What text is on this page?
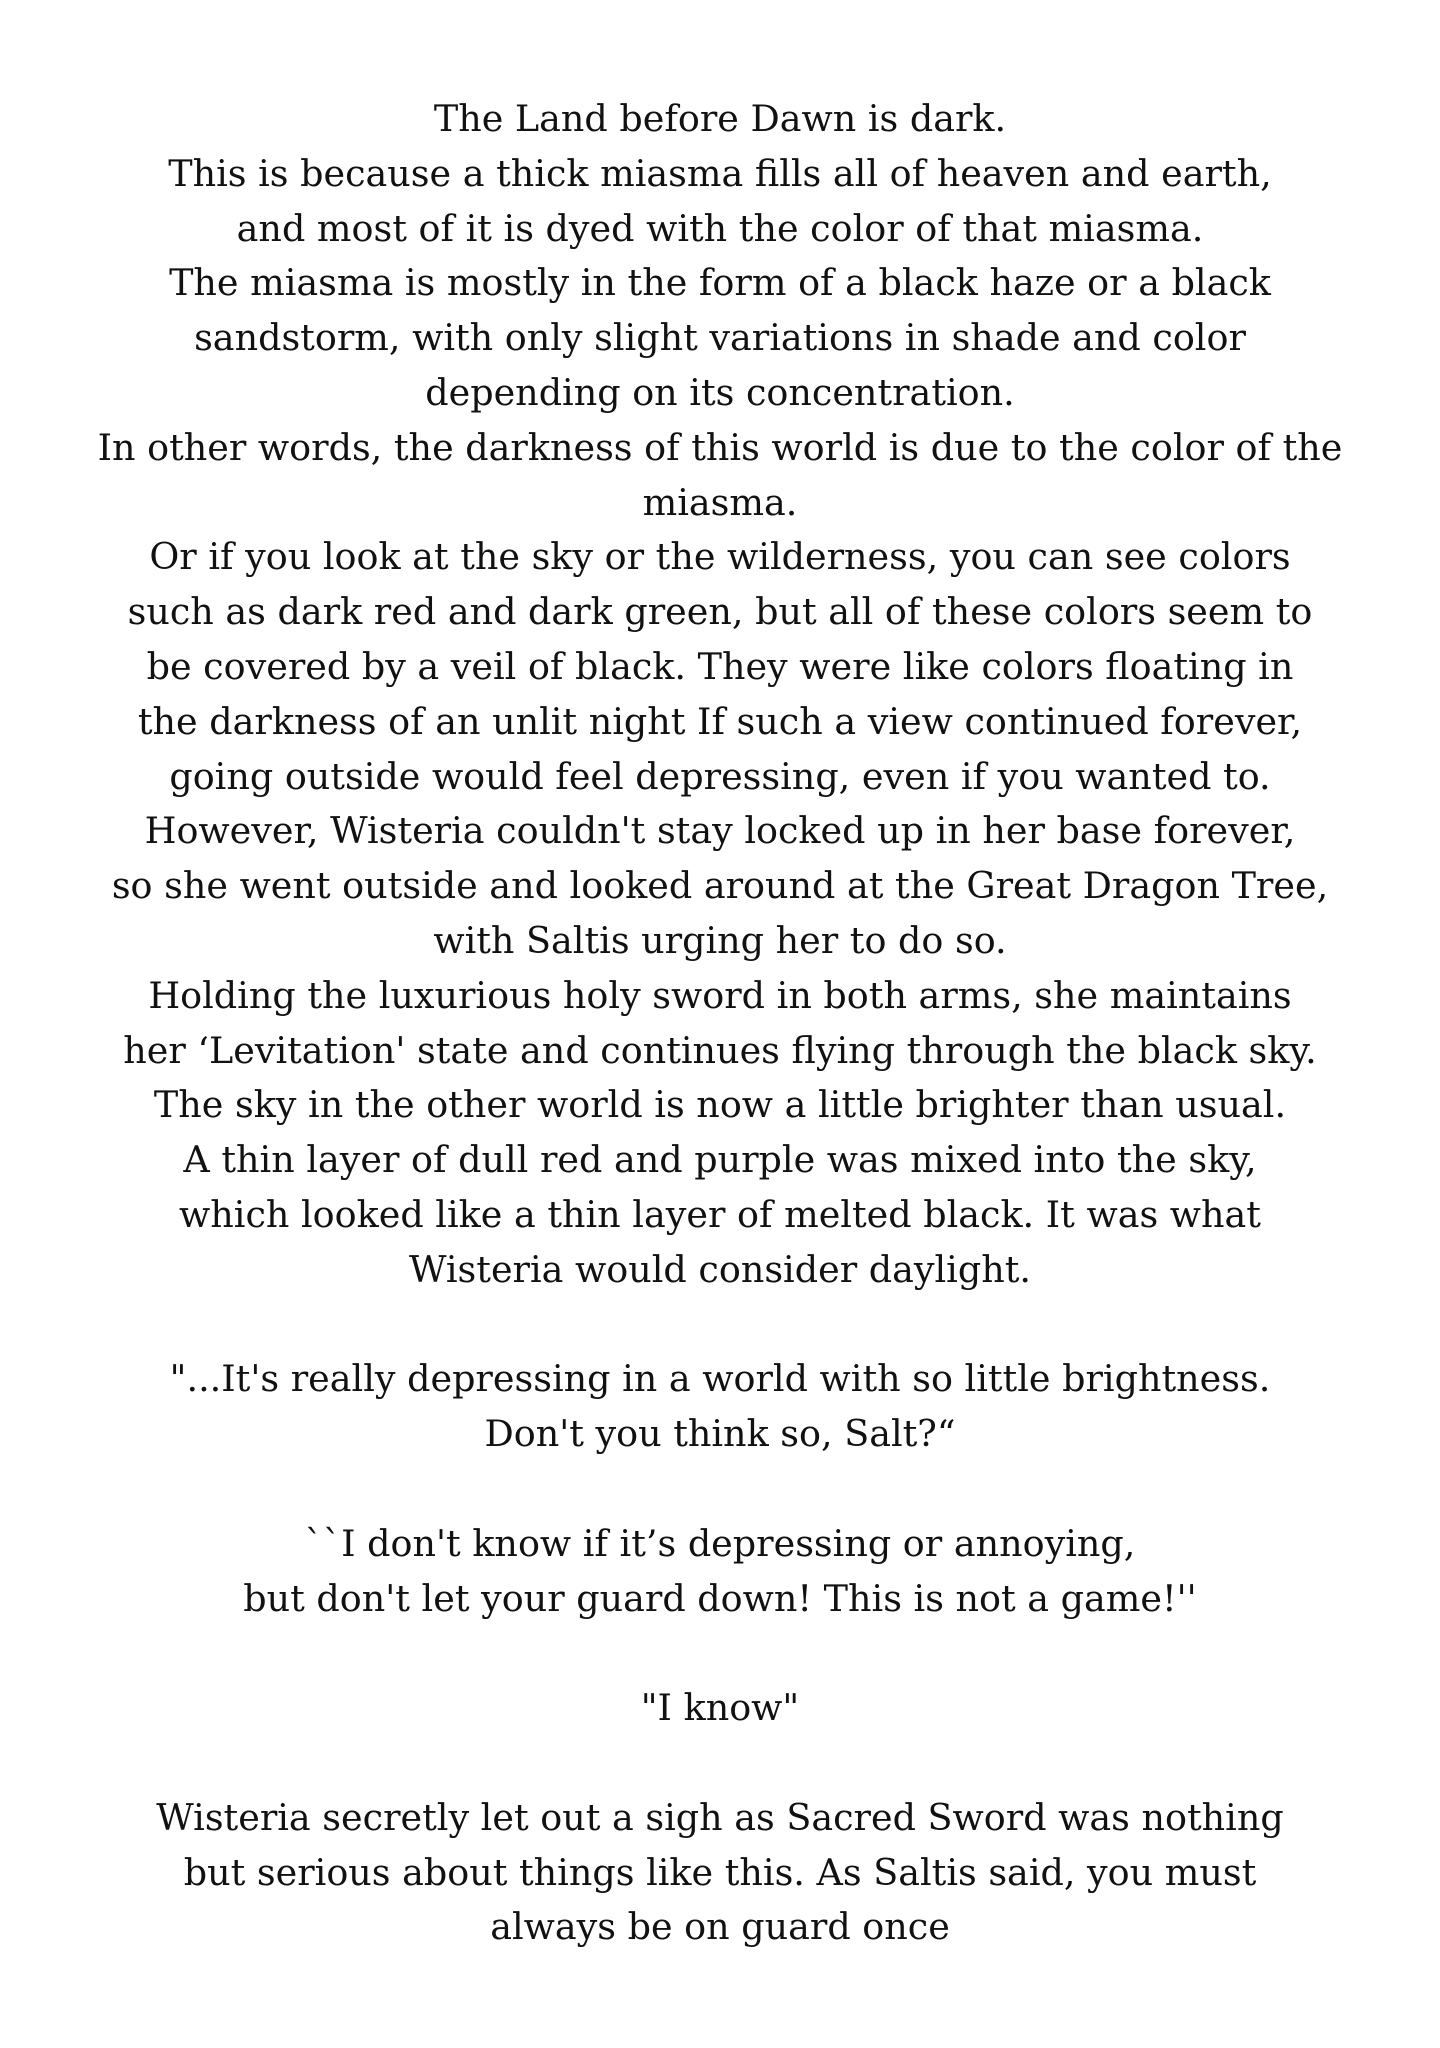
The Land before Dawn is dark.
This is because a thick miasma fills all of heaven and earth,
and most of it is dyed with the color of that miasma.
The miasma is mostly in the form of a black haze or a black
sandstorm, with only slight variations in shade and color
depending on its concentration.
In other words, the darkness of this world is due to the color of the
miasma.
Or if you look at the sky or the wilderness, you can see colors
such as dark red and dark green, but all of these colors seem to
be covered by a veil of black. They were like colors floating in
the darkness of an unlit night If such a view continued forever,
going outside would feel depressing, even if you wanted to.
However, Wisteria couldn't stay locked up in her base forever,
so she went outside and looked around at the Great Dragon Tree,
with Saltis urging her to do so.
Holding the luxurious holy sword in both arms, she maintains
her ‘Levitation' state and continues flying through the black sky.
The sky in the other world is now a little brighter than usual.
A thin layer of dull red and purple was mixed into the sky,
which looked like a thin layer of melted black. It was what
Wisteria would consider daylight.

"...It's really depressing in a world with so little brightness.
Don't you think so, Salt?“

``I don't know if it’s depressing or annoying,
but don't let your guard down! This is not a game!''

"I know"

Wisteria secretly let out a sigh as Sacred Sword was nothing
but serious about things like this. As Saltis said, you must
always be on guard once
